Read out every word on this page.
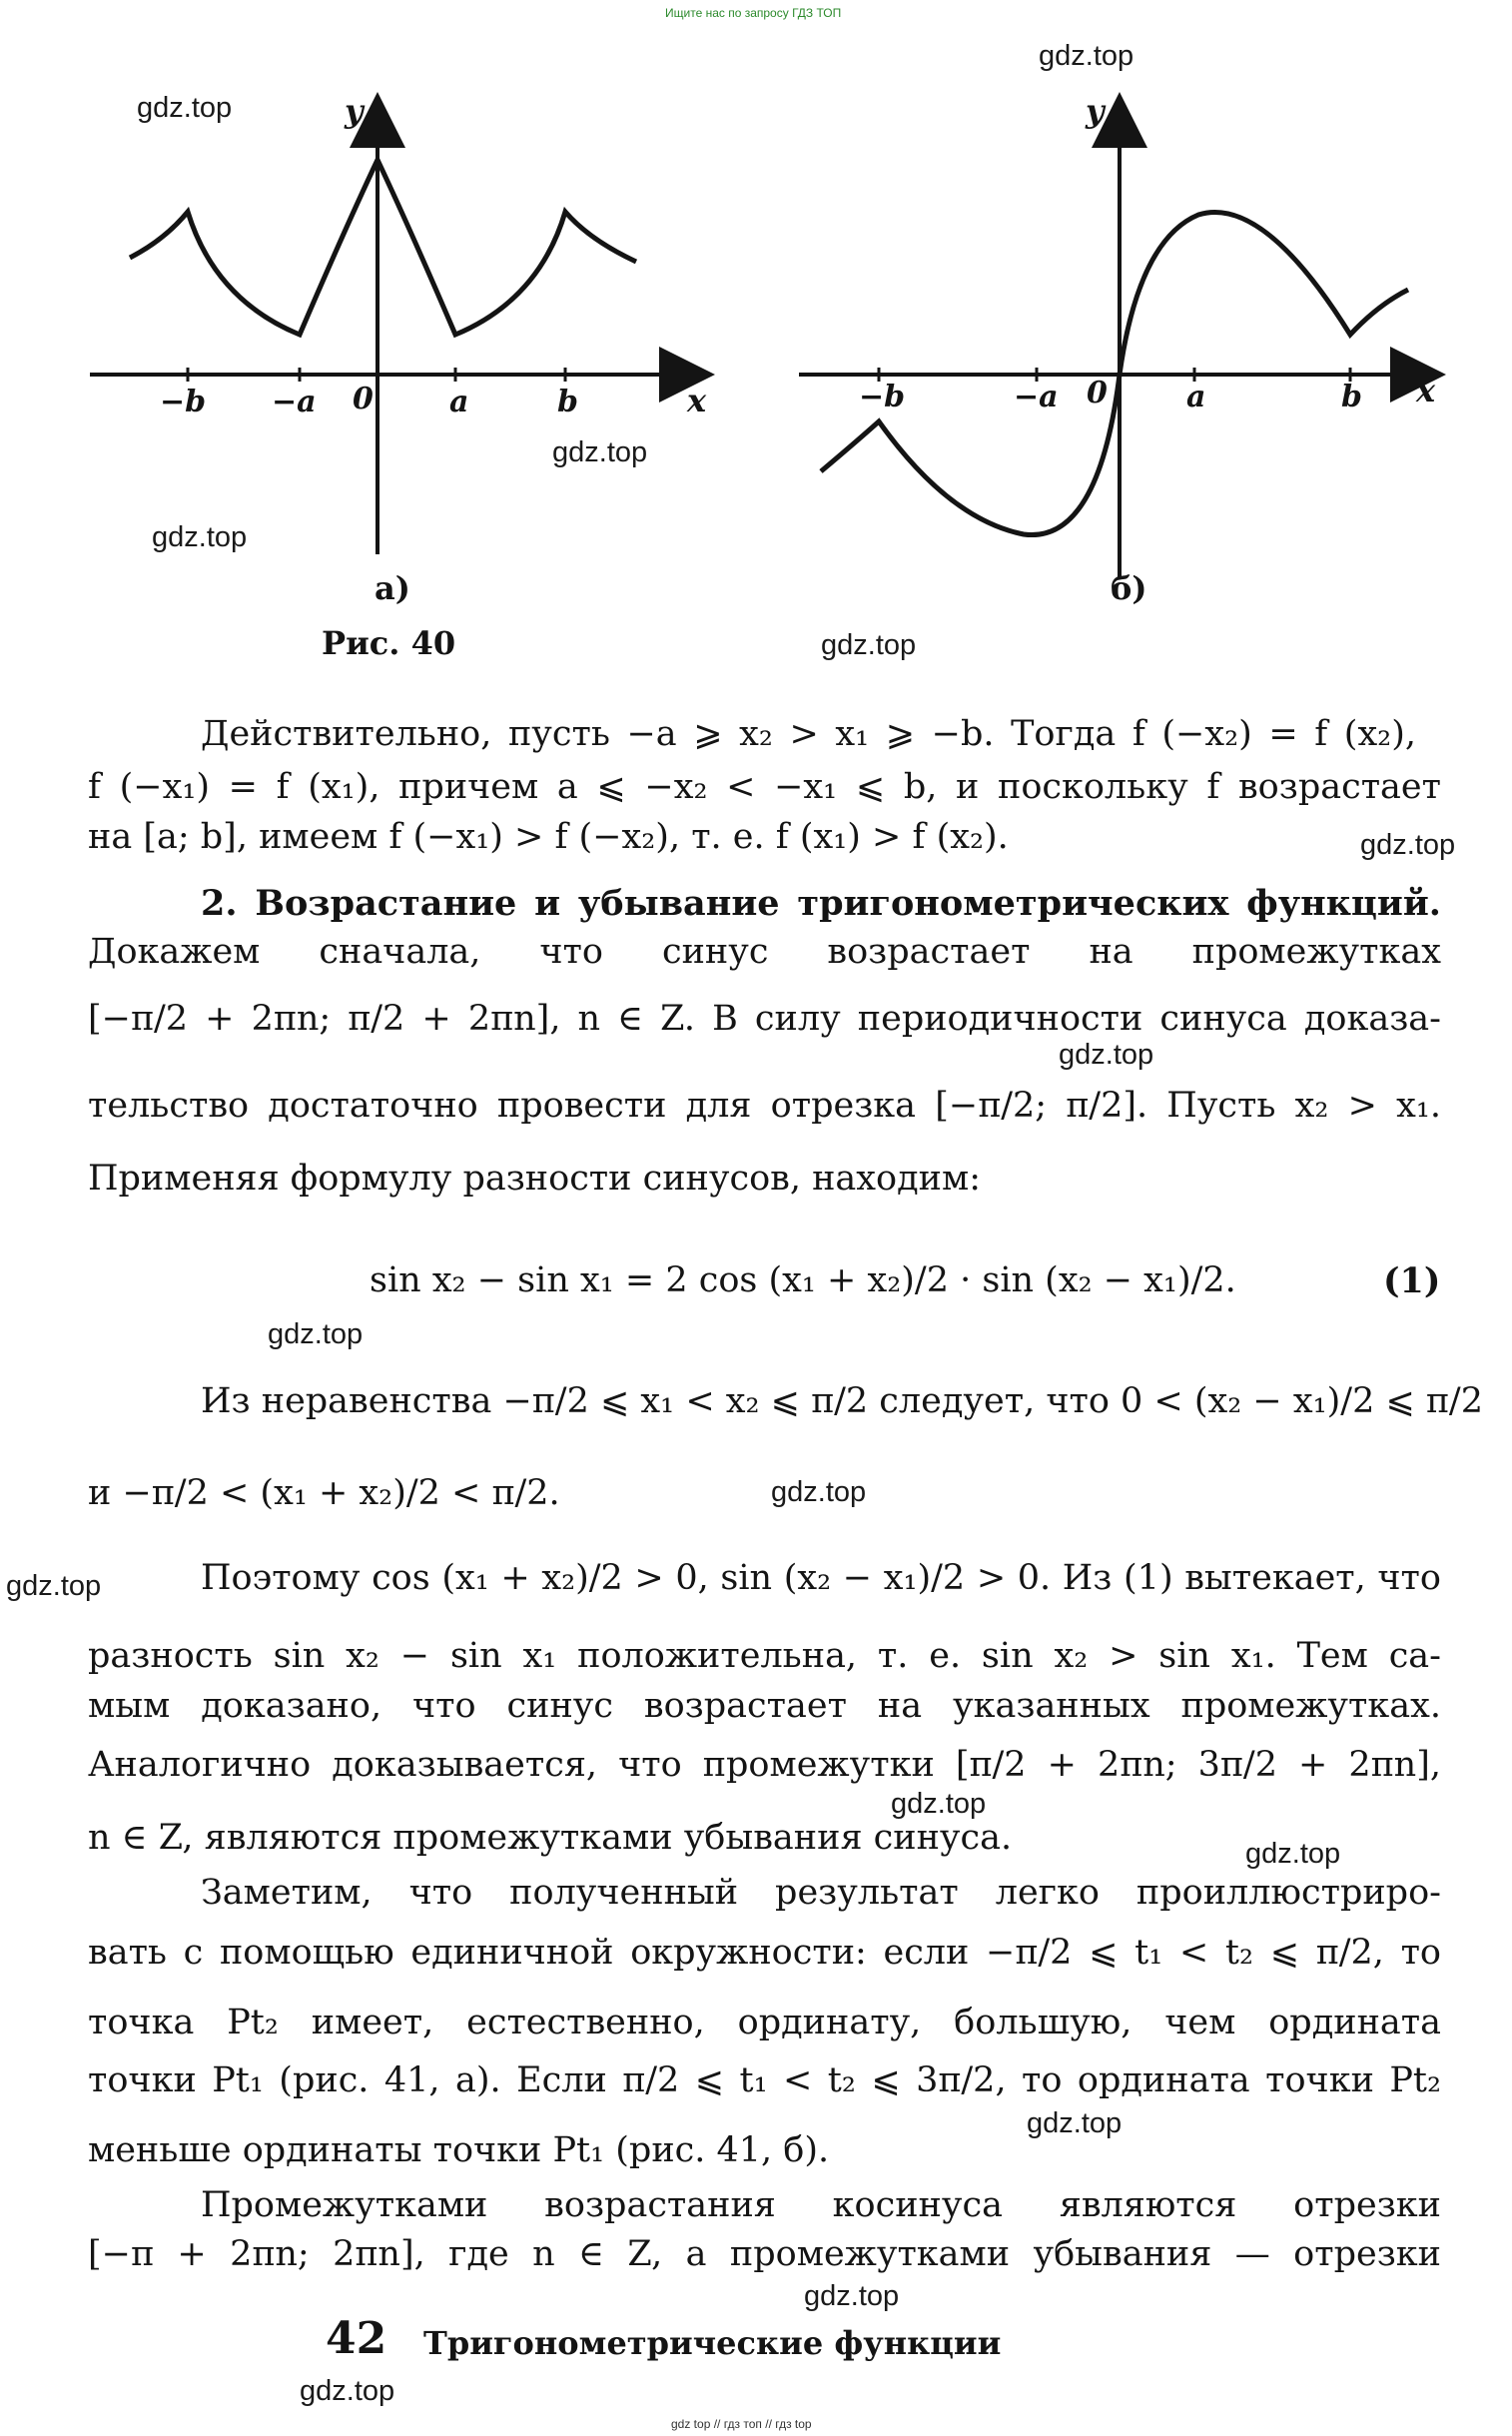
Ищите нас по запросу ГДЗ ТОП
gdz top // гдз топ // гдз top
y
x
−b −a 0	a	b
y
x
−b	−a 0	a	b
а)	б)
Рис. 40
Действительно, пусть −a ⩾ x₂ > x₁ ⩾ −b. Тогда f (−x₂) = f (x₂),
f (−x₁) = f (x₁), причем a ⩽ −x₂ < −x₁ ⩽ b, и поскольку f возрастает
на [a; b], имеем f (−x₁) > f (−x₂), т. е. f (x₁) > f (x₂).
2. Возрастание и убывание тригонометрических функций.
Докажем сначала, что синус возрастает на промежутках
[−π/2 + 2πn; π/2 + 2πn], n ∈ Z. В силу периодичности синуса доказа-
тельство достаточно провести для отрезка [−π/2; π/2]. Пусть x₂ > x₁.
Применяя формулу разности синусов, находим:
sin x₂ − sin x₁ = 2 cos (x₁ + x₂)/2 · sin (x₂ − x₁)/2.	(1)
Из неравенства −π/2 ⩽ x₁ < x₂ ⩽ π/2 следует, что 0 < (x₂ − x₁)/2 ⩽ π/2
и −π/2 < (x₁ + x₂)/2 < π/2.
Поэтому cos (x₁ + x₂)/2 > 0, sin (x₂ − x₁)/2 > 0. Из (1) вытекает, что
разность sin x₂ − sin x₁ положительна, т. е. sin x₂ > sin x₁. Тем са-
мым доказано, что синус возрастает на указанных промежутках.
Аналогично доказывается, что промежутки [π/2 + 2πn; 3π/2 + 2πn],
n ∈ Z, являются промежутками убывания синуса.
Заметим, что полученный результат легко проиллюстриро-
вать с помощью единичной окружности: если −π/2 ⩽ t₁ < t₂ ⩽ π/2, то
точка Pt₂ имеет, естественно, ординату, большую, чем ордината
точки Pt₁ (рис. 41, а). Если π/2 ⩽ t₁ < t₂ ⩽ 3π/2, то ордината точки Pt₂
меньше ординаты точки Pt₁ (рис. 41, б).
Промежутками возрастания косинуса являются отрезки
[−π + 2πn; 2πn], где n ∈ Z, а промежутками убывания — отрезки
42 Тригонометрические функции
gdz.top
gdz.top
gdz.top
gdz.top
gdz.top
gdz.top
gdz.top
gdz.top
gdz.top
gdz.top
gdz.top
gdz.top
gdz.top
gdz.top
gdz.top
